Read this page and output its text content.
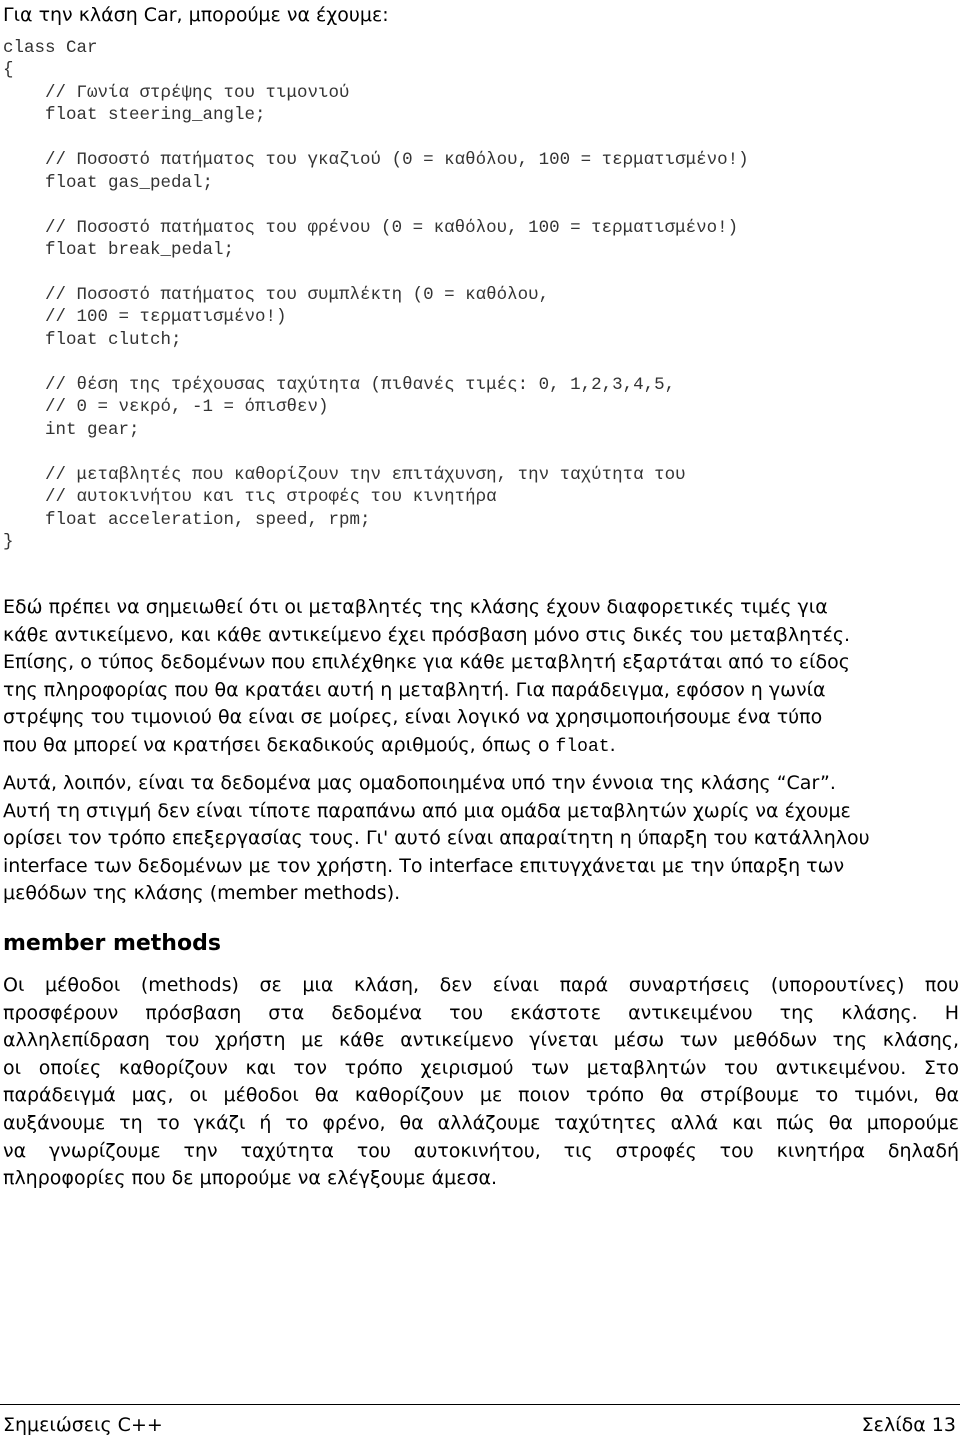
Για την κλάση Car, μπορούμε να έχουμε:
class Car
{
// Γωνία στρέψης του τιμονιού
float steering_angle;

// Ποσοστό πατήματος του γκαζιού (0 = καθόλου, 100 = τερματισμένο!)
float gas_pedal;

// Ποσοστό πατήματος του φρένου (0 = καθόλου, 100 = τερματισμένο!)
float break_pedal;

// Ποσοστό πατήματος του συμπλέκτη (0 = καθόλου,
// 100 = τερματισμένο!)
float clutch;

// θέση της τρέχουσας ταχύτητα (πιθανές τιμές: 0, 1,2,3,4,5,
// 0 = νεκρό, -1 = όπισθεν)
int gear;

// μεταβλητές που καθορίζουν την επιτάχυνση, την ταχύτητα του
// αυτοκινήτου και τις στροφές του κινητήρα
float acceleration, speed, rpm;
}
Εδώ πρέπει να σημειωθεί ότι οι μεταβλητές της κλάσης έχουν διαφορετικές τιμές για
κάθε αντικείμενο, και κάθε αντικείμενο έχει πρόσβαση μόνο στις δικές του μεταβλητές.
Επίσης, ο τύπος δεδομένων που επιλέχθηκε για κάθε μεταβλητή εξαρτάται από το είδος
της πληροφορίας που θα κρατάει αυτή η μεταβλητή. Για παράδειγμα, εφόσον η γωνία
στρέψης του τιμονιού θα είναι σε μοίρες, είναι λογικό να χρησιμοποιήσουμε ένα τύπο
που θα μπορεί να κρατήσει δεκαδικούς αριθμούς, όπως ο float.
Αυτά, λοιπόν, είναι τα δεδομένα μας ομαδοποιημένα υπό την έννοια της κλάσης “Car”.
Αυτή τη στιγμή δεν είναι τίποτε παραπάνω από μια ομάδα μεταβλητών χωρίς να έχουμε
ορίσει τον τρόπο επεξεργασίας τους. Γι' αυτό είναι απαραίτητη η ύπαρξη του κατάλληλου
interface των δεδομένων με τον χρήστη. Το interface επιτυγχάνεται με την ύπαρξη των
μεθόδων της κλάσης (member methods).
member methods
Οι μέθοδοι (methods) σε μια κλάση, δεν είναι παρά συναρτήσεις (υπορουτίνες) που
προσφέρουν πρόσβαση στα δεδομένα του εκάστοτε αντικειμένου της κλάσης. Η
αλληλεπίδραση του χρήστη με κάθε αντικείμενο γίνεται μέσω των μεθόδων της κλάσης,
οι οποίες καθορίζουν και τον τρόπο χειρισμού των μεταβλητών του αντικειμένου. Στο
παράδειγμά μας, οι μέθοδοι θα καθορίζουν με ποιον τρόπο θα στρίβουμε το τιμόνι, θα
αυξάνουμε τη το γκάζι ή το φρένο, θα αλλάζουμε ταχύτητες αλλά και πώς θα μπορούμε
να γνωρίζουμε την ταχύτητα του αυτοκινήτου, τις στροφές του κινητήρα δηλαδή
πληροφορίες που δε μπορούμε να ελέγξουμε άμεσα.
Σημειώσεις C++	Σελίδα 13
